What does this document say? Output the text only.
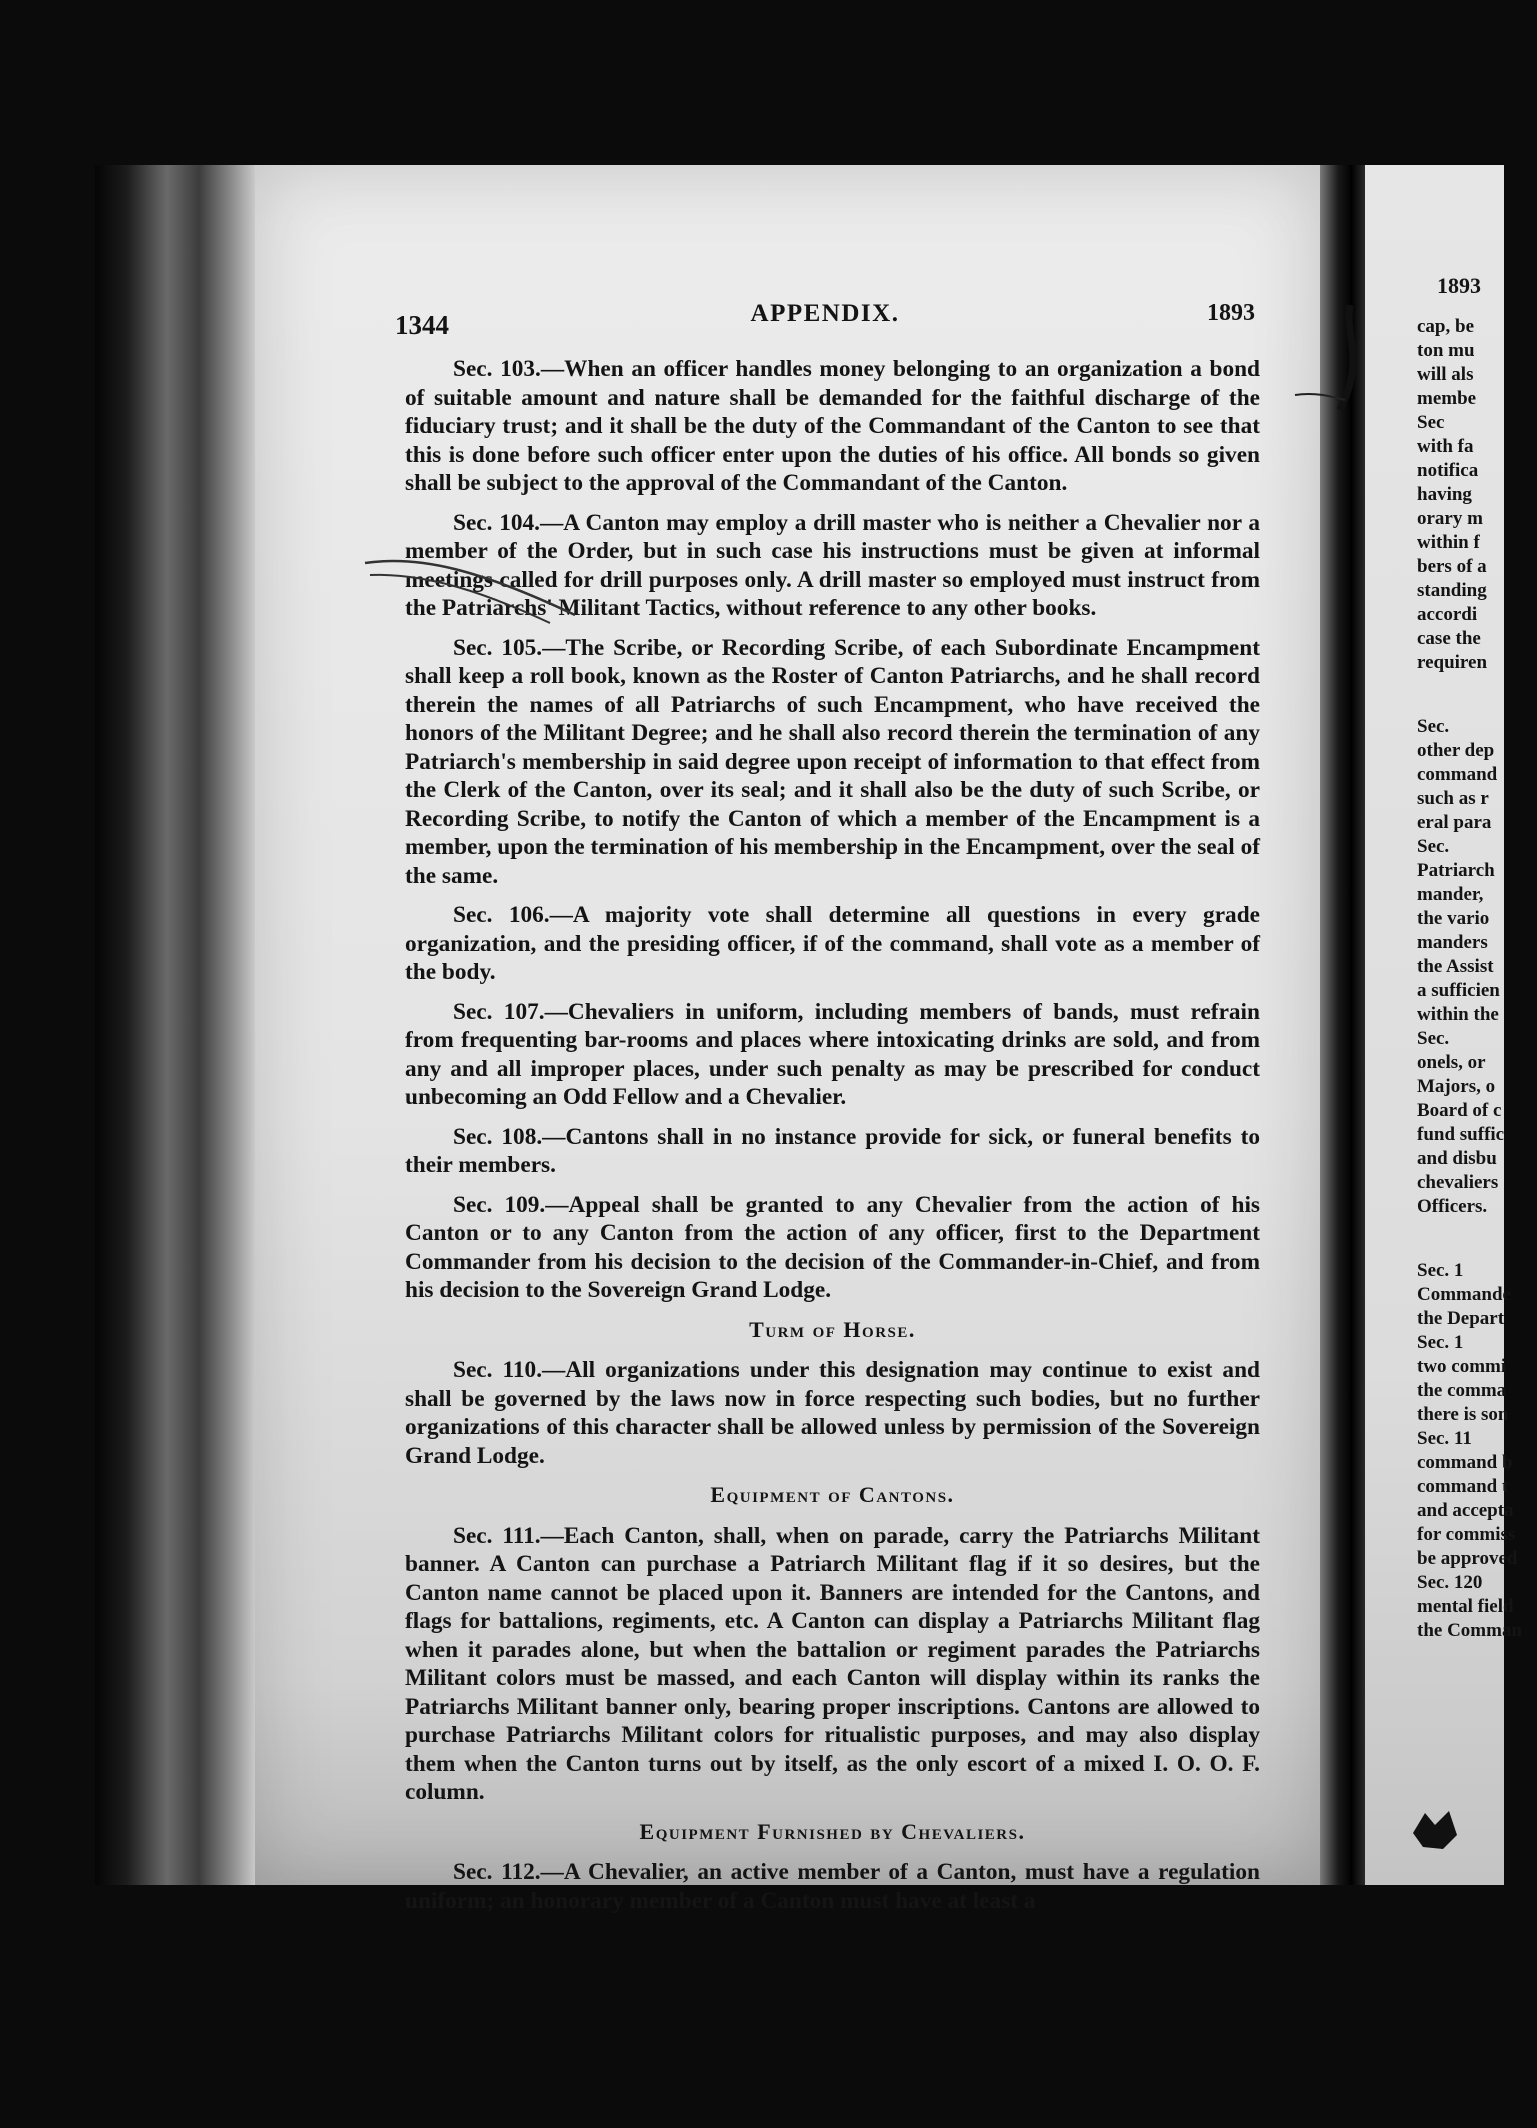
1893
cap, be
ton mu
will als
membe
Sec
with fa
notifica
having
orary m
within f
bers of a
standing
accordi
case the
requiren
Sec.
other dep
command
such as r
eral para
Sec.
Patriarch
mander,
the vario
manders
the Assist
a sufficien
within the
Sec.
onels, or
Majors, o
Board of c
fund suffic
and disbu
chevaliers
Officers.
Sec. 1
Commande
the Depart
Sec. 1
two commi
the comma
there is son
Sec. 11
command b
command t
and accepta
for commiss
be approved
Sec. 120
mental field
the Comman
1344	APPENDIX.	1893

Sec. 103.—When an officer handles money belonging to an organization a bond of suitable amount and nature shall be demanded for the faithful discharge of the fiduciary trust; and it shall be the duty of the Commandant of the Canton to see that this is done before such officer enter upon the duties of his office. All bonds so given shall be subject to the approval of the Commandant of the Canton.

Sec. 104.—A Canton may employ a drill master who is neither a Chevalier nor a member of the Order, but in such case his instructions must be given at informal meetings called for drill purposes only. A drill master so employed must instruct from the Patriarchs' Militant Tactics, without reference to any other books.

Sec. 105.—The Scribe, or Recording Scribe, of each Subordinate Encampment shall keep a roll book, known as the Roster of Canton Patriarchs, and he shall record therein the names of all Patriarchs of such Encampment, who have received the honors of the Militant Degree; and he shall also record therein the termination of any Patriarch's membership in said degree upon receipt of information to that effect from the Clerk of the Canton, over its seal; and it shall also be the duty of such Scribe, or Recording Scribe, to notify the Canton of which a member of the Encampment is a member, upon the termination of his membership in the Encampment, over the seal of the same.

Sec. 106.—A majority vote shall determine all questions in every grade organization, and the presiding officer, if of the command, shall vote as a member of the body.

Sec. 107.—Chevaliers in uniform, including members of bands, must refrain from frequenting bar-rooms and places where intoxicating drinks are sold, and from any and all improper places, under such penalty as may be prescribed for conduct unbecoming an Odd Fellow and a Chevalier.

Sec. 108.—Cantons shall in no instance provide for sick, or funeral benefits to their members.

Sec. 109.—Appeal shall be granted to any Chevalier from the action of his Canton or to any Canton from the action of any officer, first to the Department Commander from his decision to the decision of the Commander-in-Chief, and from his decision to the Sovereign Grand Lodge.

Turm of Horse.

Sec. 110.—All organizations under this designation may continue to exist and shall be governed by the laws now in force respecting such bodies, but no further organizations of this character shall be allowed unless by permission of the Sovereign Grand Lodge.

Equipment of Cantons.

Sec. 111.—Each Canton, shall, when on parade, carry the Patriarchs Militant banner. A Canton can purchase a Patriarch Militant flag if it so desires, but the Canton name cannot be placed upon it. Banners are intended for the Cantons, and flags for battalions, regiments, etc. A Canton can display a Patriarchs Militant flag when it parades alone, but when the battalion or regiment parades the Patriarchs Militant colors must be massed, and each Canton will display within its ranks the Patriarchs Militant banner only, bearing proper inscriptions. Cantons are allowed to purchase Patriarchs Militant colors for ritualistic purposes, and may also display them when the Canton turns out by itself, as the only escort of a mixed I. O. O. F. column.

Equipment Furnished by Chevaliers.

Sec. 112.—A Chevalier, an active member of a Canton, must have a regulation uniform; an honorary member of a Canton must have at least a
